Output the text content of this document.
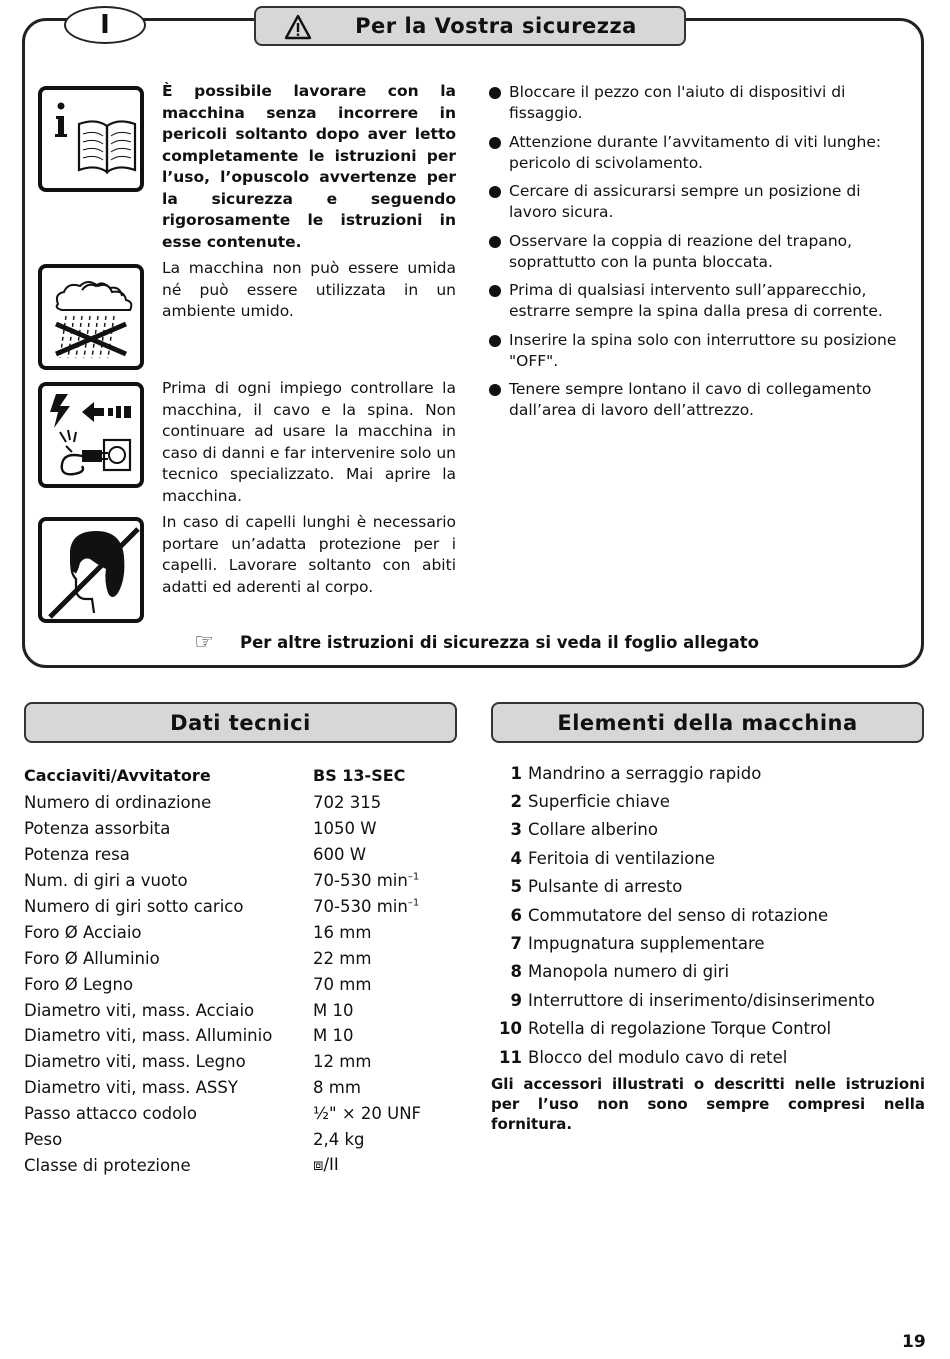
I	Per la Vostra sicurezza

È possibile lavorare con la macchina senza incorrere in pericoli soltanto dopo aver letto completamente le istruzioni per l’uso, l’opuscolo avvertenze per la sicurezza e seguendo rigorosamente le istruzioni in esse contenute.

La macchina non può essere umida né può essere utilizzata in un ambiente umido.

Prima di ogni impiego controllare la macchina, il cavo e la spina. Non continuare ad usare la macchina in caso di danni e far intervenire solo un tecnico specializzato. Mai aprire la macchina.

In caso di capelli lunghi è necessario portare un’adatta protezione per i capelli. Lavorare soltanto con abiti adatti ed aderenti al corpo.

Bloccare il pezzo con l'aiuto di dispositivi di fissaggio.
Attenzione durante l’avvitamento di viti lunghe: pericolo di scivolamento.
Cercare di assicurarsi sempre un posizione di lavoro sicura.
Osservare la coppia di reazione del trapano, soprattutto con la punta bloccata.
Prima di qualsiasi intervento sull’apparecchio, estrarre sempre la spina dalla presa di corrente.
Inserire la spina solo con interruttore su posizione "OFF".
Tenere sempre lontano il cavo di collegamento dall’area di lavoro dell’attrezzo.
☞	Per altre istruzioni di sicurezza si veda il foglio allegato
Dati tecnici
Cacciaviti/Avvitatore	BS 13-SEC
Numero di ordinazione	702 315
Potenza assorbita	1050 W
Potenza resa	600 W
Num. di giri a vuoto	70-530 $\min^{-1}$
Numero di giri sotto carico	70-530 $\min^{-1}$
Foro Ø Acciaio	16 mm
Foro Ø Alluminio	22 mm
Foro Ø Legno	70 mm
Diametro viti, mass. Acciaio	M 10
Diametro viti, mass. Alluminio	M 10
Diametro viti, mass. Legno	12 mm
Diametro viti, mass. ASSY	8 mm
Passo attacco codolo	½" × 20 UNF
Peso	2,4 kg
Classe di protezione	⧈/II
Elementi della macchina
1 Mandrino a serraggio rapido
2 Superficie chiave
3 Collare alberino
4 Feritoia di ventilazione
5 Pulsante di arresto
6 Commutatore del senso di rotazione
7 Impugnatura supplementare
8 Manopola numero di giri
9 Interruttore di inserimento/disinserimento
10 Rotella di regolazione Torque Control
11 Blocco del modulo cavo di retel

Gli accessori illustrati o descritti nelle istruzioni per l’uso non sono sempre compresi nella fornitura.

19
